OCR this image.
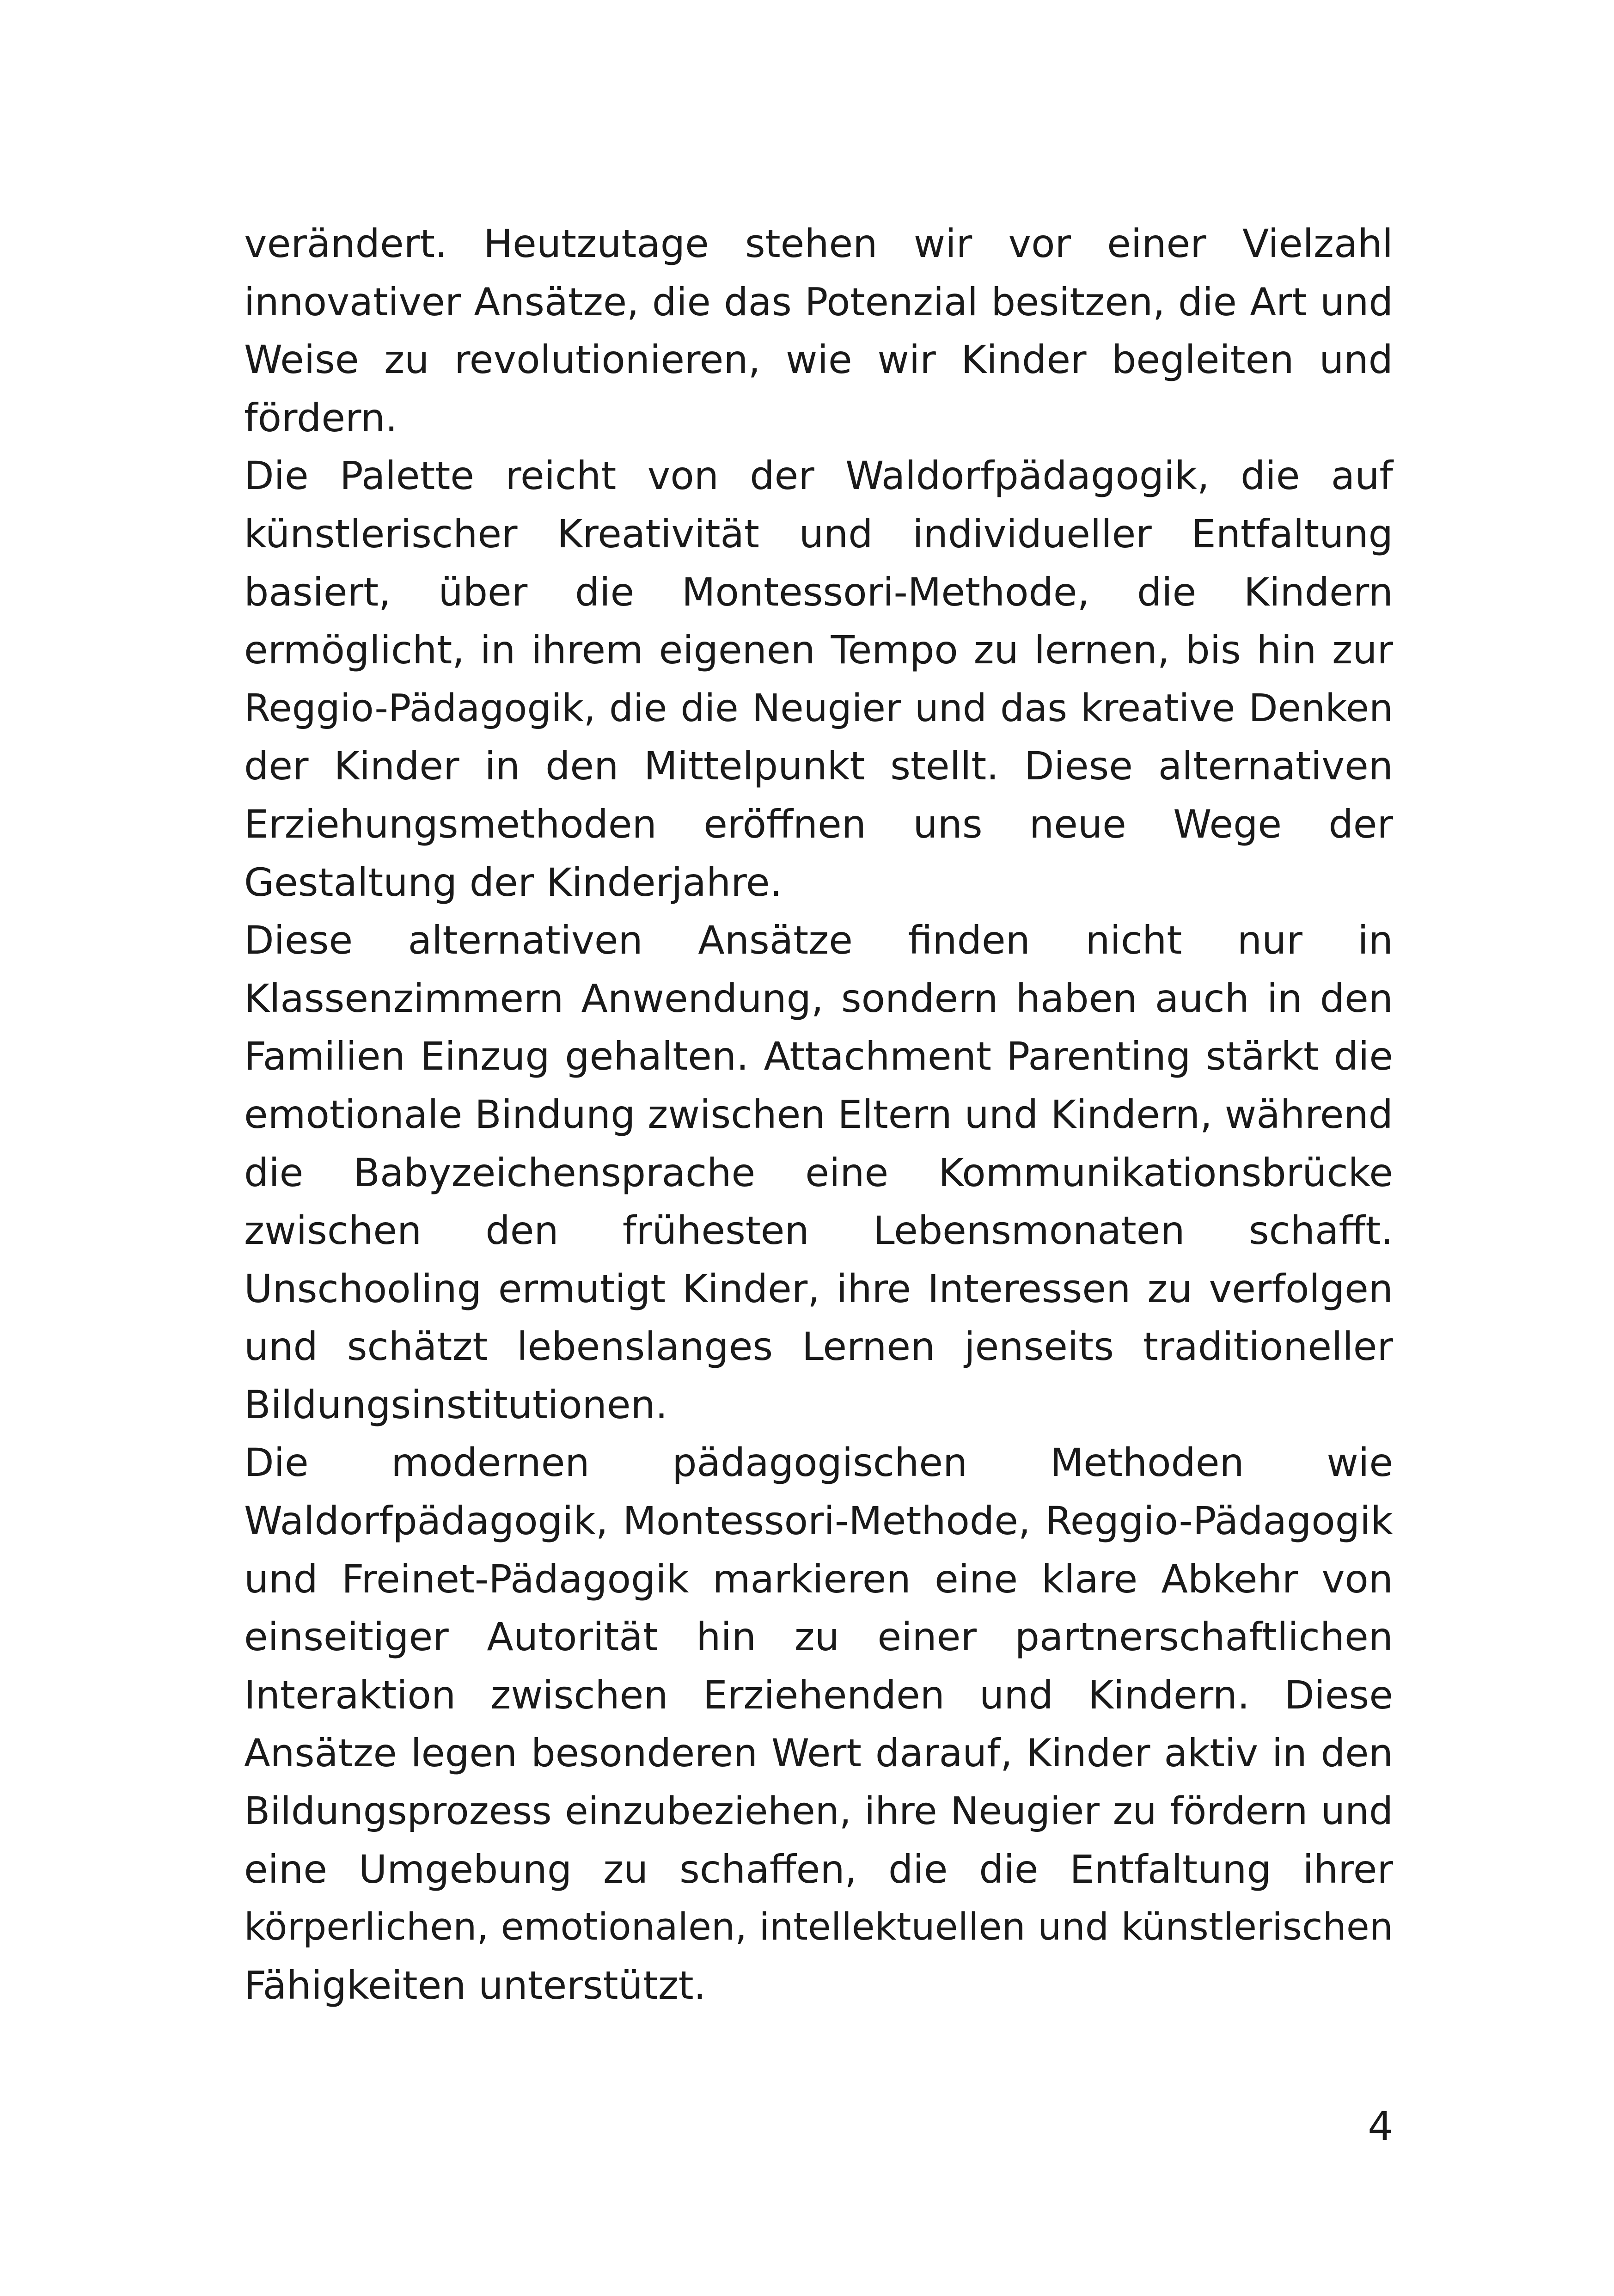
verändert. Heutzutage stehen wir vor einer Vielzahl
innovativer Ansätze, die das Potenzial besitzen, die Art und
Weise zu revolutionieren, wie wir Kinder begleiten und
fördern.
Die Palette reicht von der Waldorfpädagogik, die auf
künstlerischer Kreativität und individueller Entfaltung
basiert, über die Montessori-Methode, die Kindern
ermöglicht, in ihrem eigenen Tempo zu lernen, bis hin zur
Reggio-Pädagogik, die die Neugier und das kreative Denken
der Kinder in den Mittelpunkt stellt. Diese alternativen
Erziehungsmethoden eröffnen uns neue Wege der
Gestaltung der Kinderjahre.
Diese alternativen Ansätze finden nicht nur in
Klassenzimmern Anwendung, sondern haben auch in den
Familien Einzug gehalten. Attachment Parenting stärkt die
emotionale Bindung zwischen Eltern und Kindern, während
die Babyzeichensprache eine Kommunikationsbrücke
zwischen den frühesten Lebensmonaten schafft.
Unschooling ermutigt Kinder, ihre Interessen zu verfolgen
und schätzt lebenslanges Lernen jenseits traditioneller
Bildungsinstitutionen.
Die modernen pädagogischen Methoden wie
Waldorfpädagogik, Montessori-Methode, Reggio-Pädagogik
und Freinet-Pädagogik markieren eine klare Abkehr von
einseitiger Autorität hin zu einer partnerschaftlichen
Interaktion zwischen Erziehenden und Kindern. Diese
Ansätze legen besonderen Wert darauf, Kinder aktiv in den
Bildungsprozess einzubeziehen, ihre Neugier zu fördern und
eine Umgebung zu schaffen, die die Entfaltung ihrer
körperlichen, emotionalen, intellektuellen und künstlerischen
Fähigkeiten unterstützt.
4
